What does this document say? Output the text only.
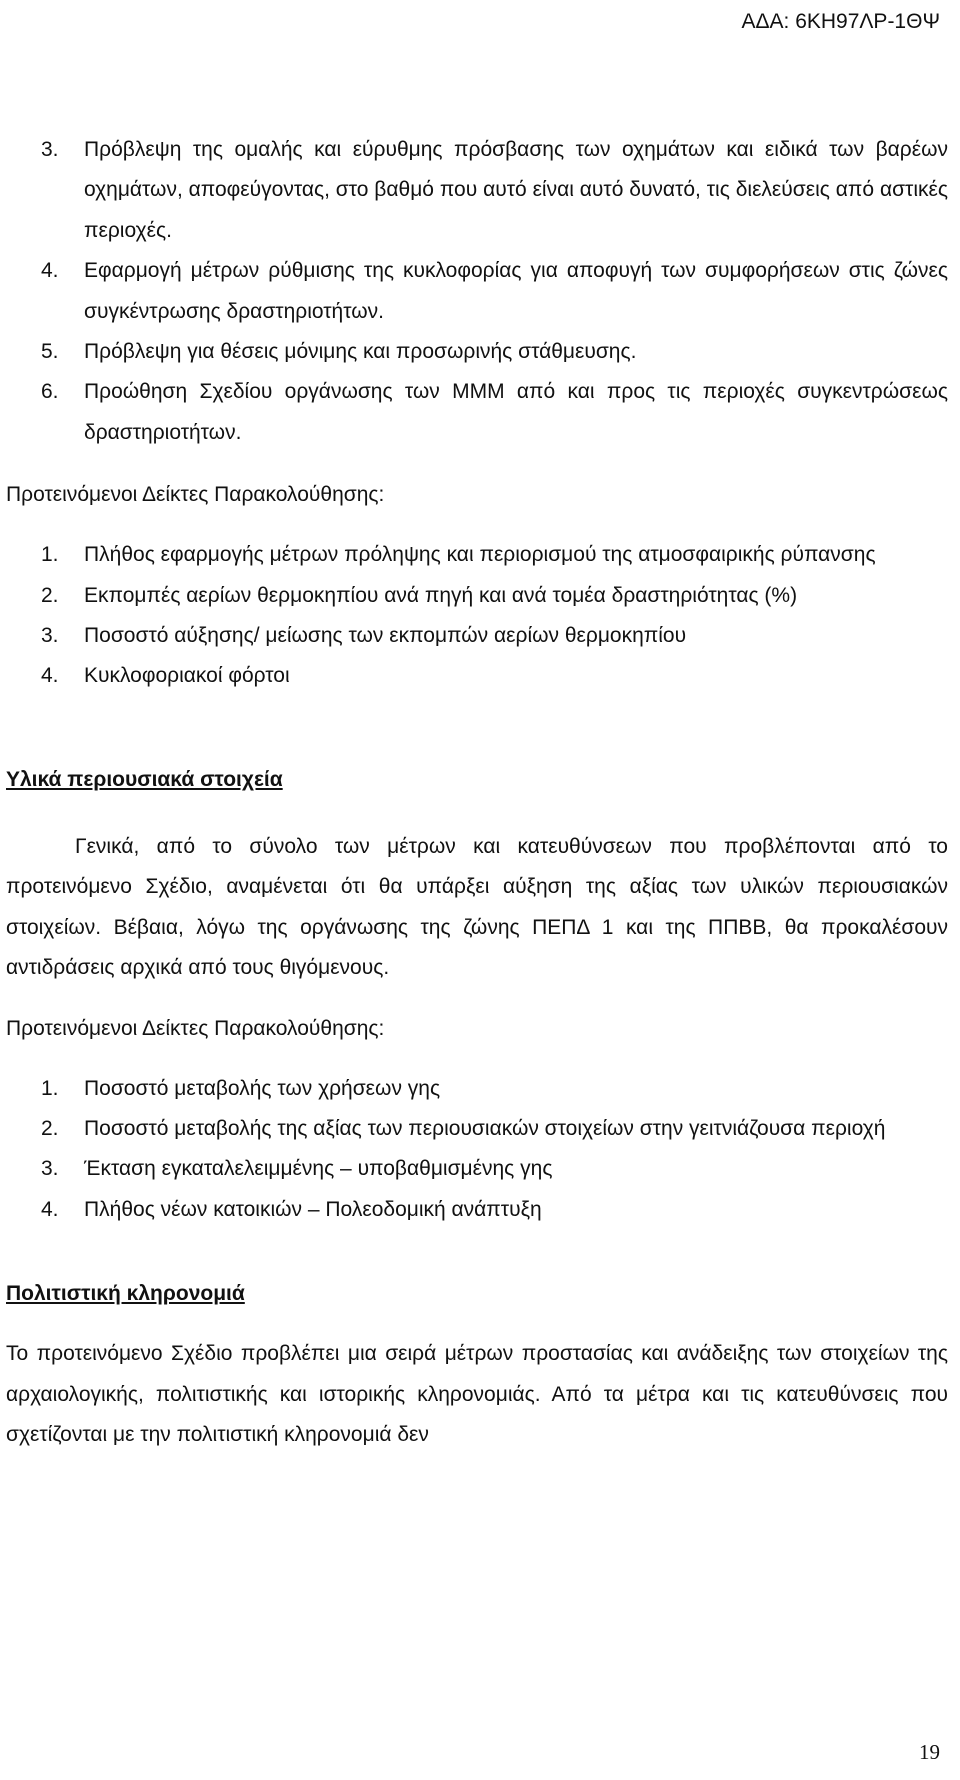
ΑΔΑ: 6ΚΗ97ΛΡ-1ΘΨ
3.	Πρόβλεψη της ομαλής και εύρυθμης πρόσβασης των οχημάτων και ειδικά των βαρέων οχημάτων, αποφεύγοντας, στο βαθμό που αυτό είναι αυτό δυνατό, τις διελεύσεις από αστικές περιοχές.
4.	Εφαρμογή μέτρων ρύθμισης της κυκλοφορίας για αποφυγή των συμφορήσεων στις ζώνες συγκέντρωσης δραστηριοτήτων.
5.	Πρόβλεψη για θέσεις μόνιμης και προσωρινής στάθμευσης.
6.	Προώθηση Σχεδίου οργάνωσης των ΜΜΜ από και προς τις περιοχές συγκεντρώσεως δραστηριοτήτων.
Προτεινόμενοι Δείκτες Παρακολούθησης:
1.	Πλήθος εφαρμογής μέτρων πρόληψης και περιορισμού της ατμοσφαιρικής ρύπανσης
2.	Εκπομπές αερίων θερμοκηπίου ανά πηγή και ανά τομέα δραστηριότητας (%)
3.	Ποσοστό αύξησης/ μείωσης των εκπομπών αερίων θερμοκηπίου
4.	Κυκλοφοριακοί φόρτοι
Υλικά περιουσιακά στοιχεία

Γενικά, από το σύνολο των μέτρων και κατευθύνσεων που προβλέπονται από το προτεινόμενο Σχέδιο, αναμένεται ότι θα υπάρξει αύξηση της αξίας των υλικών περιουσιακών στοιχείων. Βέβαια, λόγω της οργάνωσης της ζώνης ΠΕΠΔ 1 και της ΠΠΒΒ, θα προκαλέσουν αντιδράσεις αρχικά από τους θιγόμενους.

Προτεινόμενοι Δείκτες Παρακολούθησης:
1.	Ποσοστό μεταβολής των χρήσεων γης
2.	Ποσοστό μεταβολής της αξίας των περιουσιακών στοιχείων στην γειτνιάζουσα περιοχή
3.	Έκταση εγκαταλελειμμένης – υποβαθμισμένης γης
4.	Πλήθος νέων κατοικιών – Πολεοδομική ανάπτυξη
Πολιτιστική κληρονομιά

Το προτεινόμενο Σχέδιο προβλέπει μια σειρά μέτρων προστασίας και ανάδειξης των στοιχείων της αρχαιολογικής, πολιτιστικής και ιστορικής κληρονομιάς. Από τα μέτρα και τις κατευθύνσεις που σχετίζονται με την πολιτιστική κληρονομιά δεν

19
